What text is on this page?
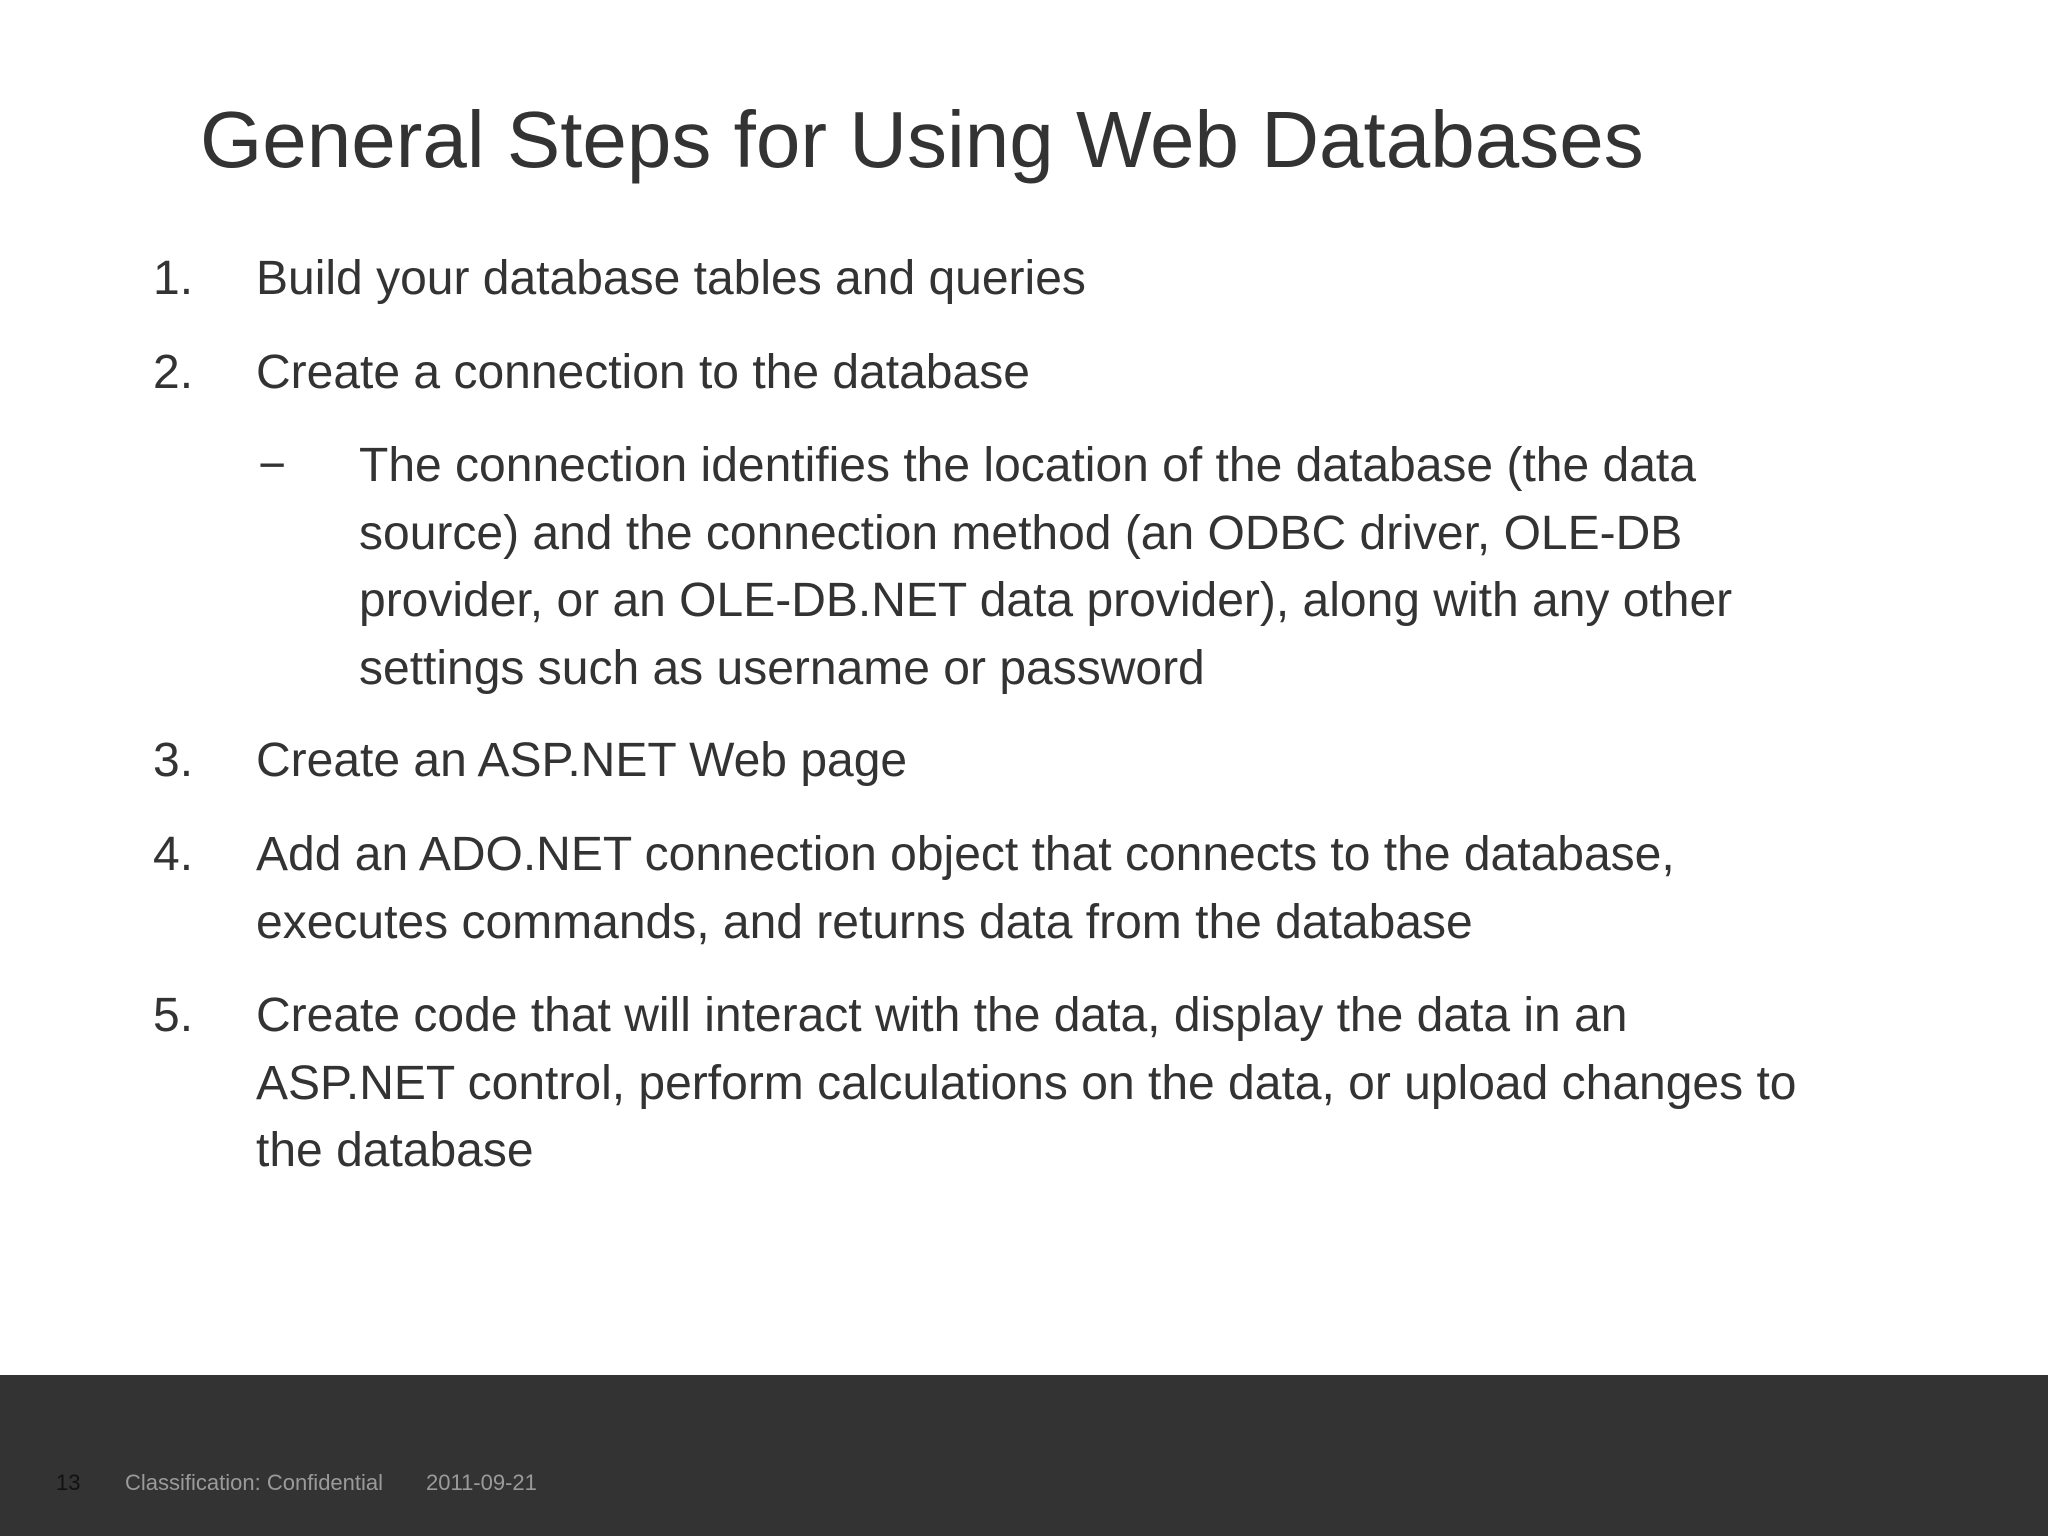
General Steps for Using Web Databases
1.	Build your database tables and queries
2.	Create a connection to the database
− The connection identifies the location of the database (the data
source) and the connection method (an ODBC driver, OLE-DB
provider, or an OLE-DB.NET data provider), along with any other
settings such as username or password
3.	Create an ASP.NET Web page
4.	Add an ADO.NET connection object that connects to the database,
executes commands, and returns data from the database
5.	Create code that will interact with the data, display the data in an
ASP.NET control, perform calculations on the data, or upload changes to
the database
13 Classification: Confidential 2011-09-21
